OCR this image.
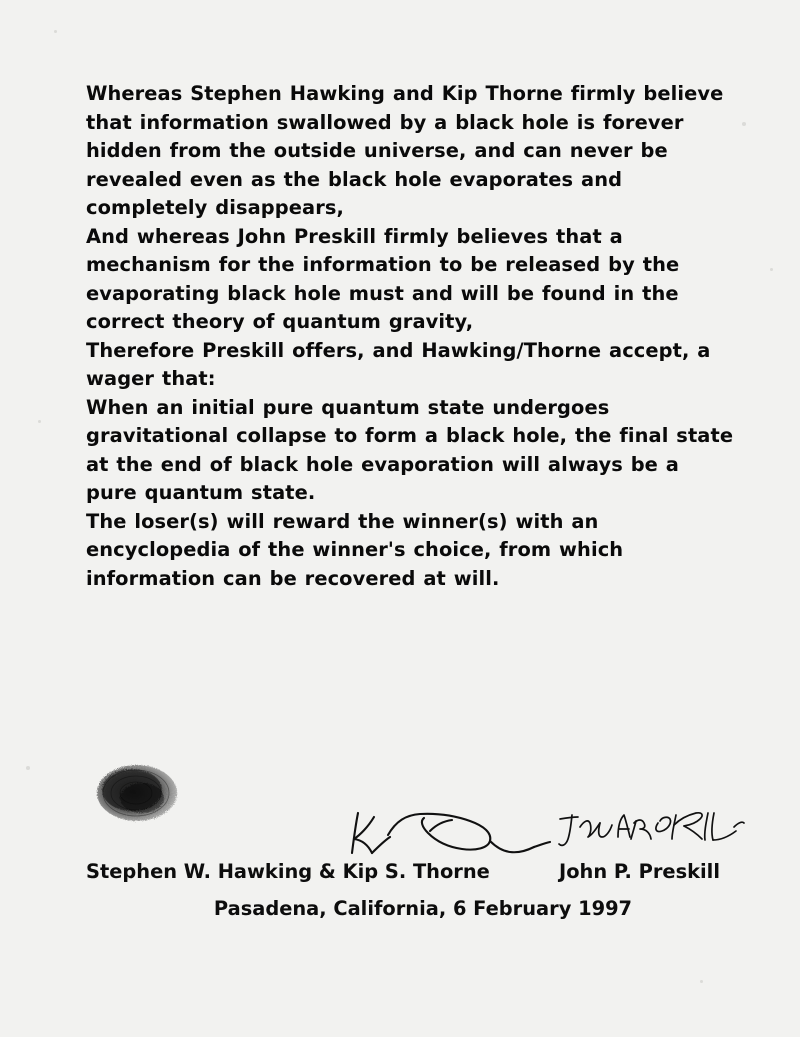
Whereas Stephen Hawking and Kip Thorne firmly believe that information swallowed by a black hole is forever hidden from the outside universe, and can never be revealed even as the black hole evaporates and completely disappears,

And whereas John Preskill firmly believes that a mechanism for the information to be released by the evaporating black hole must and will be found in the correct theory of quantum gravity,

Therefore Preskill offers, and Hawking/Thorne accept, a wager that:

When an initial pure quantum state undergoes gravitational collapse to form a black hole, the final state at the end of black hole evaporation will always be a pure quantum state.

The loser(s) will reward the winner(s) with an encyclopedia of the winner's choice, from which information can be recovered at will.

Stephen W. Hawking & Kip S. Thorne	John P. Preskill
Pasadena, California, 6 February 1997
